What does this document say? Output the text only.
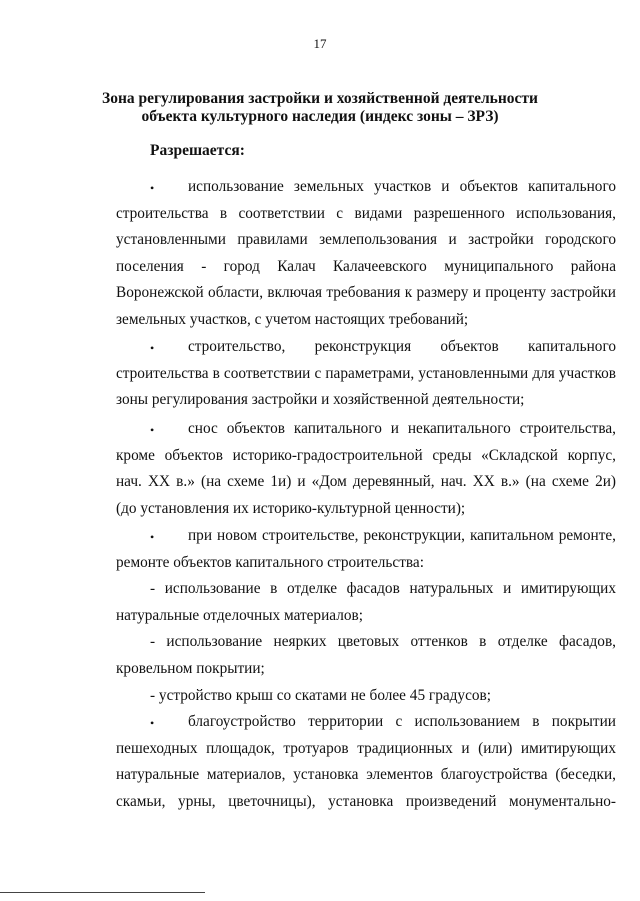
17
Зона регулирования застройки и хозяйственной деятельности
объекта культурного наследия (индекс зоны – ЗРЗ)
Разрешается:
• использование земельных участков и объектов капитального
строительства в соответствии с видами разрешенного использования,
установленными правилами землепользования и застройки городского
поселения - город Калач Калачеевского муниципального района
Воронежской области, включая требования к размеру и проценту застройки
земельных участков, с учетом настоящих требований;
• строительство, реконструкция объектов капитального
строительства в соответствии с параметрами, установленными для участков
зоны регулирования застройки и хозяйственной деятельности;
• снос объектов капитального и некапитального строительства,
кроме объектов историко-градостроительной среды «Складской корпус,
нач. XX в.» (на схеме 1и) и «Дом деревянный, нач. XX в.» (на схеме 2и)
(до установления их историко-культурной ценности);
• при новом строительстве, реконструкции, капитальном ремонте,
ремонте объектов капитального строительства:
- использование в отделке фасадов натуральных и имитирующих
натуральные отделочных материалов;
- использование неярких цветовых оттенков в отделке фасадов,
кровельном покрытии;
- устройство крыш со скатами не более 45 градусов;
• благоустройство территории с использованием в покрытии
пешеходных площадок, тротуаров традиционных и (или) имитирующих
натуральные материалов, установка элементов благоустройства (беседки,
скамьи, урны, цветочницы), установка произведений монументально-
